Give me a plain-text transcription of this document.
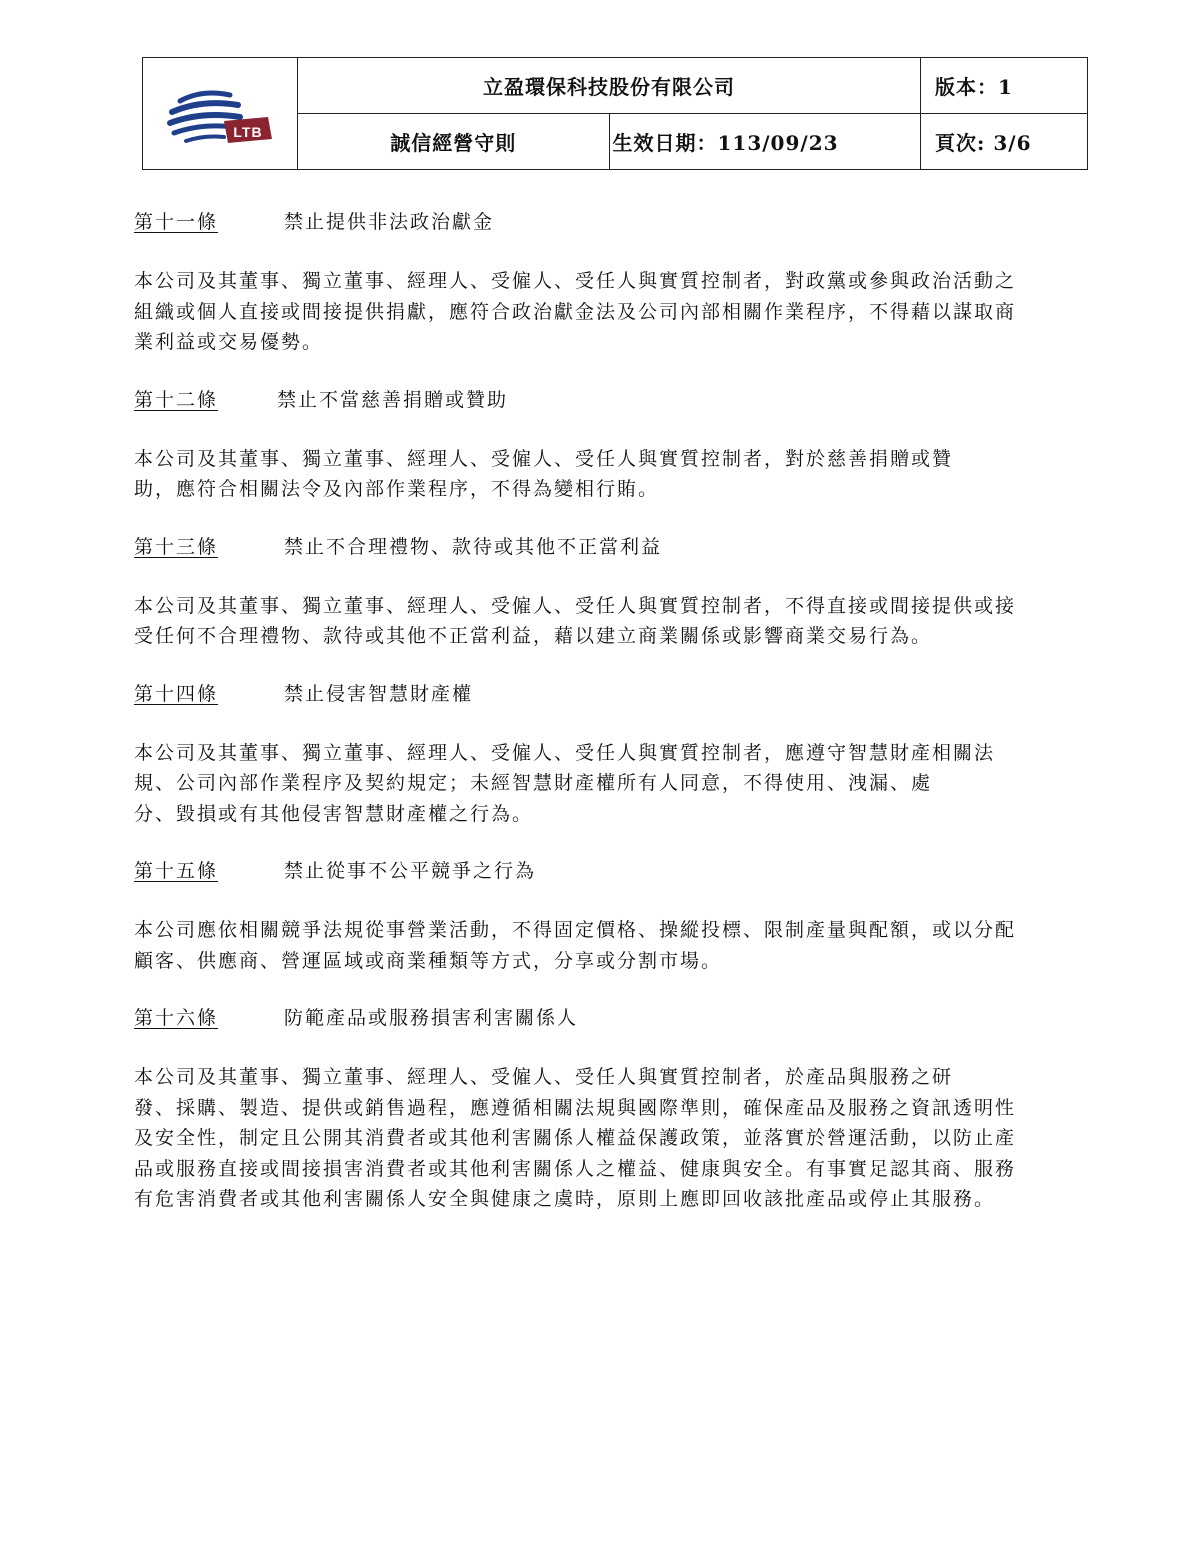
LTB	立盈環保科技股份有限公司		版本：1
	誠信經營守則	生效日期：113/09/23	頁次: 3/6
第十一條	禁止提供非法政治獻金

本公司及其董事、獨立董事、經理人、受僱人、受任人與實質控制者，對政黨或參與政治活動之
組織或個人直接或間接提供捐獻，應符合政治獻金法及公司內部相關作業程序，不得藉以謀取商
業利益或交易優勢。

第十二條	禁止不當慈善捐贈或贊助

本公司及其董事、獨立董事、經理人、受僱人、受任人與實質控制者，對於慈善捐贈或贊
助，應符合相關法令及內部作業程序，不得為變相行賄。

第十三條	禁止不合理禮物、款待或其他不正當利益

本公司及其董事、獨立董事、經理人、受僱人、受任人與實質控制者，不得直接或間接提供或接
受任何不合理禮物、款待或其他不正當利益，藉以建立商業關係或影響商業交易行為。

第十四條	禁止侵害智慧財產權

本公司及其董事、獨立董事、經理人、受僱人、受任人與實質控制者，應遵守智慧財產相關法
規、公司內部作業程序及契約規定；未經智慧財產權所有人同意，不得使用、洩漏、處
分、毀損或有其他侵害智慧財產權之行為。

第十五條	禁止從事不公平競爭之行為

本公司應依相關競爭法規從事營業活動，不得固定價格、操縱投標、限制產量與配額，或以分配
顧客、供應商、營運區域或商業種類等方式，分享或分割市場。

第十六條	防範產品或服務損害利害關係人

本公司及其董事、獨立董事、經理人、受僱人、受任人與實質控制者，於產品與服務之研
發、採購、製造、提供或銷售過程，應遵循相關法規與國際準則，確保產品及服務之資訊透明性
及安全性，制定且公開其消費者或其他利害關係人權益保護政策，並落實於營運活動，以防止產
品或服務直接或間接損害消費者或其他利害關係人之權益、健康與安全。有事實足認其商、服務
有危害消費者或其他利害關係人安全與健康之虞時，原則上應即回收該批產品或停止其服務。
